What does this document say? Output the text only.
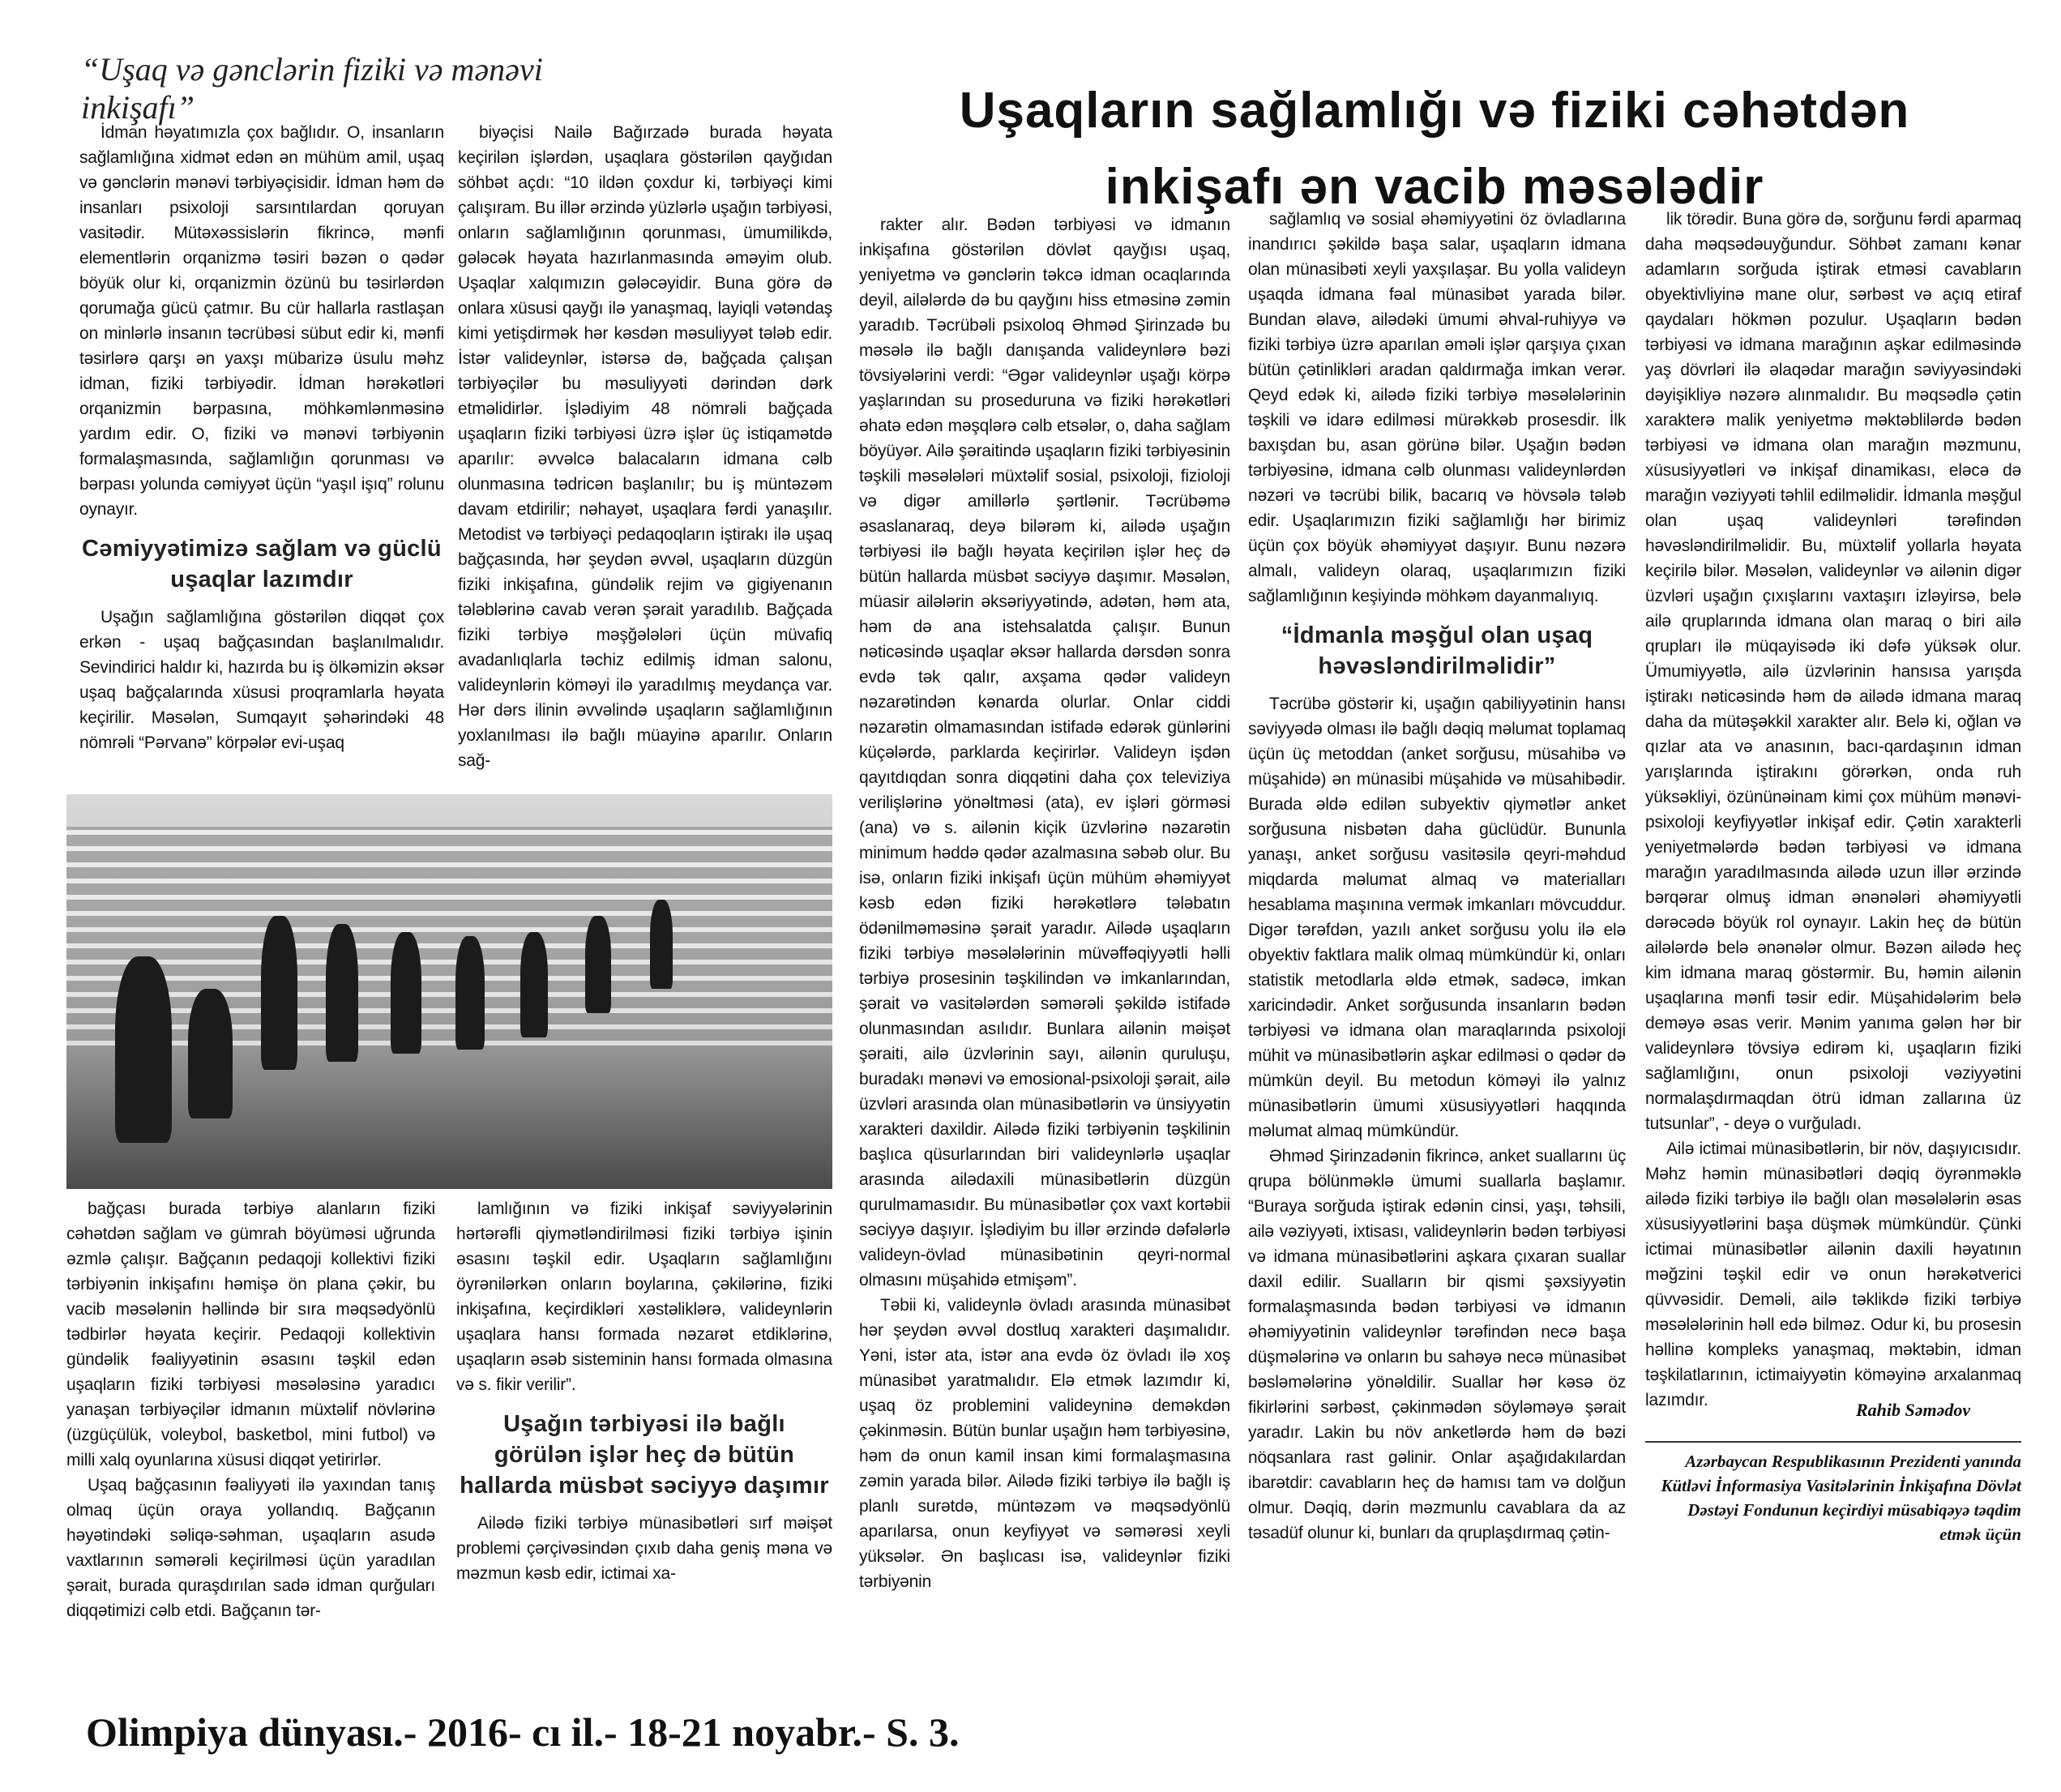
“Uşaq və gənclərin fiziki və mənəvi inkişafı”	Uşaqların sağlamlığı və fiziki cəhətdən inkişafı ən vacib məsələdir

İdman həyatımızla çox bağlıdır. O, insanların sağlamlığına xidmət edən ən mühüm amil, uşaq və gənclərin mənəvi tərbiyəçisidir. İdman həm də insanları psixoloji sarsıntılardan qoruyan vasitədir. Mütəxəssislərin fikrincə, mənfi elementlərin orqanizmə təsiri bəzən o qədər böyük olur ki, orqanizmin özünü bu təsirlərdən qorumağa gücü çatmır. Bu cür hallarla rastlaşan on minlərlə insanın təcrübəsi sübut edir ki, mənfi təsirlərə qarşı ən yaxşı mübarizə üsulu məhz idman, fiziki tərbiyədir. İdman hərəkətləri orqanizmin bərpasına, möhkəmlənməsinə yardım edir. O, fiziki və mənəvi tərbiyənin formalaşmasında, sağlamlığın qorunması və bərpası yolunda cəmiyyət üçün “yaşıl işıq” rolunu oynayır.

Cəmiyyətimizə sağlam və güclü uşaqlar lazımdır

Uşağın sağlamlığına göstərilən diqqət çox erkən - uşaq bağçasından başlanılmalıdır. Sevindirici haldır ki, hazırda bu iş ölkəmizin əksər uşaq bağçalarında xüsusi proqramlarla həyata keçirilir. Məsələn, Sumqayıt şəhərindəki 48 nömrəli “Pərvanə” körpələr evi-uşaq

biyəçisi Nailə Bağırzadə burada həyata keçirilən işlərdən, uşaqlara göstərilən qayğıdan söhbət açdı: “10 ildən çoxdur ki, tərbiyəçi kimi çalışıram. Bu illər ərzində yüzlərlə uşağın tərbiyəsi, onların sağlamlığının qorunması, ümumilikdə, gələcək həyata hazırlanmasında əməyim olub. Uşaqlar xalqımızın gələcəyidir. Buna görə də onlara xüsusi qayğı ilə yanaşmaq, layiqli vətəndaş kimi yetişdirmək hər kəsdən məsuliyyət tələb edir. İstər valideynlər, istərsə də, bağçada çalışan tərbiyəçilər bu məsuliyyəti dərindən dərk etməlidirlər. İşlədiyim 48 nömrəli bağçada uşaqların fiziki tərbiyəsi üzrə işlər üç istiqamətdə aparılır: əvvəlcə balacaların idmana cəlb olunmasına tədricən başlanılır; bu iş müntəzəm davam etdirilir; nəhayət, uşaqlara fərdi yanaşılır. Metodist və tərbiyəçi pedaqoqların iştirakı ilə uşaq bağçasında, hər şeydən əvvəl, uşaqların düzgün fiziki inkişafına, gündəlik rejim və gigiyenanın tələblərinə cavab verən şərait yaradılıb. Bağçada fiziki tərbiyə məşğələləri üçün müvafiq avadanlıqlarla təchiz edilmiş idman salonu, valideynlərin köməyi ilə yaradılmış meydança var. Hər dərs ilinin əvvəlində uşaqların sağlamlığının yoxlanılması ilə bağlı müayinə aparılır. Onların sağ-

bağçası burada tərbiyə alanların fiziki cəhətdən sağlam və gümrah böyüməsi uğrunda əzmlə çalışır. Bağçanın pedaqoji kollektivi fiziki tərbiyənin inkişafını həmişə ön plana çəkir, bu vacib məsələnin həllində bir sıra məqsədyönlü tədbirlər həyata keçirir. Pedaqoji kollektivin gündəlik fəaliyyətinin əsasını təşkil edən uşaqların fiziki tərbiyəsi məsələsinə yaradıcı yanaşan tərbiyəçilər idmanın müxtəlif növlərinə (üzgüçülük, voleybol, basketbol, mini futbol) və milli xalq oyunlarına xüsusi diqqət yetirirlər.

Uşaq bağçasının fəaliyyəti ilə yaxından tanış olmaq üçün oraya yollandıq. Bağçanın həyətindəki səliqə-səhman, uşaqların asudə vaxtlarının səmərəli keçirilməsi üçün yaradılan şərait, burada quraşdırılan sadə idman qurğuları diqqətimizi cəlb etdi. Bağçanın tər-

lamlığının və fiziki inkişaf səviyyələrinin hərtərəfli qiymətləndirilməsi fiziki tərbiyə işinin əsasını təşkil edir. Uşaqların sağlamlığını öyrənilərkən onların boylarına, çəkilərinə, fiziki inkişafına, keçirdikləri xəstəliklərə, valideynlərin uşaqlara hansı formada nəzarət etdiklərinə, uşaqların əsəb sisteminin hansı formada olmasına və s. fikir verilir”.

Uşağın tərbiyəsi ilə bağlı görülən işlər heç də bütün hallarda müsbət səciyyə daşımır

Ailədə fiziki tərbiyə münasibətləri sırf məişət problemi çərçivəsindən çıxıb daha geniş məna və məzmun kəsb edir, ictimai xa-

rakter alır. Bədən tərbiyəsi və idmanın inkişafına göstərilən dövlət qayğısı uşaq, yeniyetmə və gənclərin təkcə idman ocaqlarında deyil, ailələrdə də bu qayğını hiss etməsinə zəmin yaradıb. Təcrübəli psixoloq Əhməd Şirinzadə bu məsələ ilə bağlı danışanda valideynlərə bəzi tövsiyələrini verdi: “Əgər valideynlər uşağı körpə yaşlarından su proseduruna və fiziki hərəkətləri əhatə edən məşqlərə cəlb etsələr, o, daha sağlam böyüyər. Ailə şəraitində uşaqların fiziki tərbiyəsinin təşkili məsələləri müxtəlif sosial, psixoloji, fizioloji və digər amillərlə şərtlənir. Təcrübəmə əsaslanaraq, deyə bilərəm ki, ailədə uşağın tərbiyəsi ilə bağlı həyata keçirilən işlər heç də bütün hallarda müsbət səciyyə daşımır. Məsələn, müasir ailələrin əksəriyyətində, adətən, həm ata, həm də ana istehsalatda çalışır. Bunun nəticəsində uşaqlar əksər hallarda dərsdən sonra evdə tək qalır, axşama qədər valideyn nəzarətindən kənarda olurlar. Onlar ciddi nəzarətin olmamasından istifadə edərək günlərini küçələrdə, parklarda keçirirlər. Valideyn işdən qayıtdıqdan sonra diqqətini daha çox televiziya verilişlərinə yönəltməsi (ata), ev işləri görməsi (ana) və s. ailənin kiçik üzvlərinə nəzarətin minimum həddə qədər azalmasına səbəb olur. Bu isə, onların fiziki inkişafı üçün mühüm əhəmiyyət kəsb edən fiziki hərəkətlərə tələbatın ödənilməməsinə şərait yaradır. Ailədə uşaqların fiziki tərbiyə məsələlərinin müvəffəqiyyətli həlli tərbiyə prosesinin təşkilindən və imkanlarından, şərait və vasitələrdən səmərəli şəkildə istifadə olunmasından asılıdır. Bunlara ailənin məişət şəraiti, ailə üzvlərinin sayı, ailənin quruluşu, buradakı mənəvi və emosional-psixoloji şərait, ailə üzvləri arasında olan münasibətlərin və ünsiyyətin xarakteri daxildir. Ailədə fiziki tərbiyənin təşkilinin başlıca qüsurlarından biri valideynlərlə uşaqlar arasında ailədaxili münasibətlərin düzgün qurulmamasıdır. Bu münasibətlər çox vaxt kortəbii səciyyə daşıyır. İşlədiyim bu illər ərzində dəfələrlə valideyn-övlad münasibətinin qeyri-normal olmasını müşahidə etmişəm”.

Təbii ki, valideynlə övladı arasında münasibət hər şeydən əvvəl dostluq xarakteri daşımalıdır. Yəni, istər ata, istər ana evdə öz övladı ilə xoş münasibət yaratmalıdır. Elə etmək lazımdır ki, uşaq öz problemini valideyninə deməkdən çəkinməsin. Bütün bunlar uşağın həm tərbiyəsinə, həm də onun kamil insan kimi formalaşmasına zəmin yarada bilər. Ailədə fiziki tərbiyə ilə bağlı iş planlı surətdə, müntəzəm və məqsədyönlü aparılarsa, onun keyfiyyət və səmərəsi xeyli yüksələr. Ən başlıcası isə, valideynlər fiziki tərbiyənin

sağlamlıq və sosial əhəmiyyətini öz övladlarına inandırıcı şəkildə başa salar, uşaqların idmana olan münasibəti xeyli yaxşılaşar. Bu yolla valideyn uşaqda idmana fəal münasibət yarada bilər. Bundan əlavə, ailədəki ümumi əhval-ruhiyyə və fiziki tərbiyə üzrə aparılan əməli işlər qarşıya çıxan bütün çətinlikləri aradan qaldırmağa imkan verər. Qeyd edək ki, ailədə fiziki tərbiyə məsələlərinin təşkili və idarə edilməsi mürəkkəb prosesdir. İlk baxışdan bu, asan görünə bilər. Uşağın bədən tərbiyəsinə, idmana cəlb olunması valideynlərdən nəzəri və təcrübi bilik, bacarıq və hövsələ tələb edir. Uşaqlarımızın fiziki sağlamlığı hər birimiz üçün çox böyük əhəmiyyət daşıyır. Bunu nəzərə almalı, valideyn olaraq, uşaqlarımızın fiziki sağlamlığının keşiyində möhkəm dayanmalıyıq.

“İdmanla məşğul olan uşaq həvəsləndirilməlidir”

Təcrübə göstərir ki, uşağın qabiliyyətinin hansı səviyyədə olması ilə bağlı dəqiq məlumat toplamaq üçün üç metoddan (anket sorğusu, müsahibə və müşahidə) ən münasibi müşahidə və müsahibədir. Burada əldə edilən subyektiv qiymətlər anket sorğusuna nisbətən daha güclüdür. Bununla yanaşı, anket sorğusu vasitəsilə qeyri-məhdud miqdarda məlumat almaq və materialları hesablama maşınına vermək imkanları mövcuddur. Digər tərəfdən, yazılı anket sorğusu yolu ilə elə obyektiv faktlara malik olmaq mümkündür ki, onları statistik metodlarla əldə etmək, sadəcə, imkan xaricindədir. Anket sorğusunda insanların bədən tərbiyəsi və idmana olan maraqlarında psixoloji mühit və münasibətlərin aşkar edilməsi o qədər də mümkün deyil. Bu metodun köməyi ilə yalnız münasibətlərin ümumi xüsusiyyətləri haqqında məlumat almaq mümkündür.

Əhməd Şirinzadənin fikrincə, anket suallarını üç qrupa bölünməklə ümumi suallarla başlamır. “Buraya sorğuda iştirak edənin cinsi, yaşı, təhsili, ailə vəziyyəti, ixtisası, valideynlərin bədən tərbiyəsi və idmana münasibətlərini aşkara çıxaran suallar daxil edilir. Sualların bir qismi şəxsiyyətin formalaşmasında bədən tərbiyəsi və idmanın əhəmiyyətinin valideynlər tərəfindən necə başa düşmələrinə və onların bu sahəyə necə münasibət bəsləmələrinə yönəldilir. Suallar hər kəsə öz fikirlərini sərbəst, çəkinmədən söyləməyə şərait yaradır. Lakin bu növ anketlərdə həm də bəzi nöqsanlara rast gəlinir. Onlar aşağıdakılardan ibarətdir: cavabların heç də hamısı tam və dolğun olmur. Dəqiq, dərin məzmunlu cavablara da az təsadüf olunur ki, bunları da qruplaşdırmaq çətin-

lik törədir. Buna görə də, sorğunu fərdi aparmaq daha məqsədəuyğundur. Söhbət zamanı kənar adamların sorğuda iştirak etməsi cavabların obyektivliyinə mane olur, sərbəst və açıq etiraf qaydaları hökmən pozulur. Uşaqların bədən tərbiyəsi və idmana marağının aşkar edilməsində yaş dövrləri ilə əlaqədar marağın səviyyəsindəki dəyişikliyə nəzərə alınmalıdır. Bu məqsədlə çətin xarakterə malik yeniyetmə məktəblilərdə bədən tərbiyəsi və idmana olan marağın məzmunu, xüsusiyyətləri və inkişaf dinamikası, eləcə də marağın vəziyyəti təhlil edilməlidir. İdmanla məşğul olan uşaq valideynləri tərəfindən həvəsləndirilməlidir. Bu, müxtəlif yollarla həyata keçirilə bilər. Məsələn, valideynlər və ailənin digər üzvləri uşağın çıxışlarını vaxtaşırı izləyirsə, belə ailə qruplarında idmana olan maraq o biri ailə qrupları ilə müqayisədə iki dəfə yüksək olur. Ümumiyyətlə, ailə üzvlərinin hansısa yarışda iştirakı nəticəsində həm də ailədə idmana maraq daha da mütəşəkkil xarakter alır. Belə ki, oğlan və qızlar ata və anasının, bacı-qardaşının idman yarışlarında iştirakını görərkən, onda ruh yüksəkliyi, özününəinam kimi çox mühüm mənəvi-psixoloji keyfiyyətlər inkişaf edir. Çətin xarakterli yeniyetmələrdə bədən tərbiyəsi və idmana marağın yaradılmasında ailədə uzun illər ərzində bərqərar olmuş idman ənənələri əhəmiyyətli dərəcədə böyük rol oynayır. Lakin heç də bütün ailələrdə belə ənənələr olmur. Bəzən ailədə heç kim idmana maraq göstərmir. Bu, həmin ailənin uşaqlarına mənfi təsir edir. Müşahidələrim belə deməyə əsas verir. Mənim yanıma gələn hər bir valideynlərə tövsiyə edirəm ki, uşaqların fiziki sağlamlığını, onun psixoloji vəziyyətini normalaşdırmaqdan ötrü idman zallarına üz tutsunlar”, - deyə o vurğuladı.

Ailə ictimai münasibətlərin, bir növ, daşıyıcısıdır. Məhz həmin münasibətləri dəqiq öyrənməklə ailədə fiziki tərbiyə ilə bağlı olan məsələlərin əsas xüsusiyyətlərini başa düşmək mümkündür. Çünki ictimai münasibətlər ailənin daxili həyatının məğzini təşkil edir və onun hərəkətverici qüvvəsidir. Deməli, ailə təklikdə fiziki tərbiyə məsələlərinin həll edə bilməz. Odur ki, bu prosesin həllinə kompleks yanaşmaq, məktəbin, idman təşkilatlarının, ictimaiyyətin köməyinə arxalanmaq lazımdır.	Rahib Səmədov
Azərbaycan Respublikasının Prezidenti yanında Kütləvi İnformasiya Vasitələrinin İnkişafına Dövlət Dəstəyi Fondunun keçirdiyi müsabiqəyə təqdim etmək üçün
Olimpiya dünyası.- 2016- cı il.- 18-21 noyabr.- S. 3.
